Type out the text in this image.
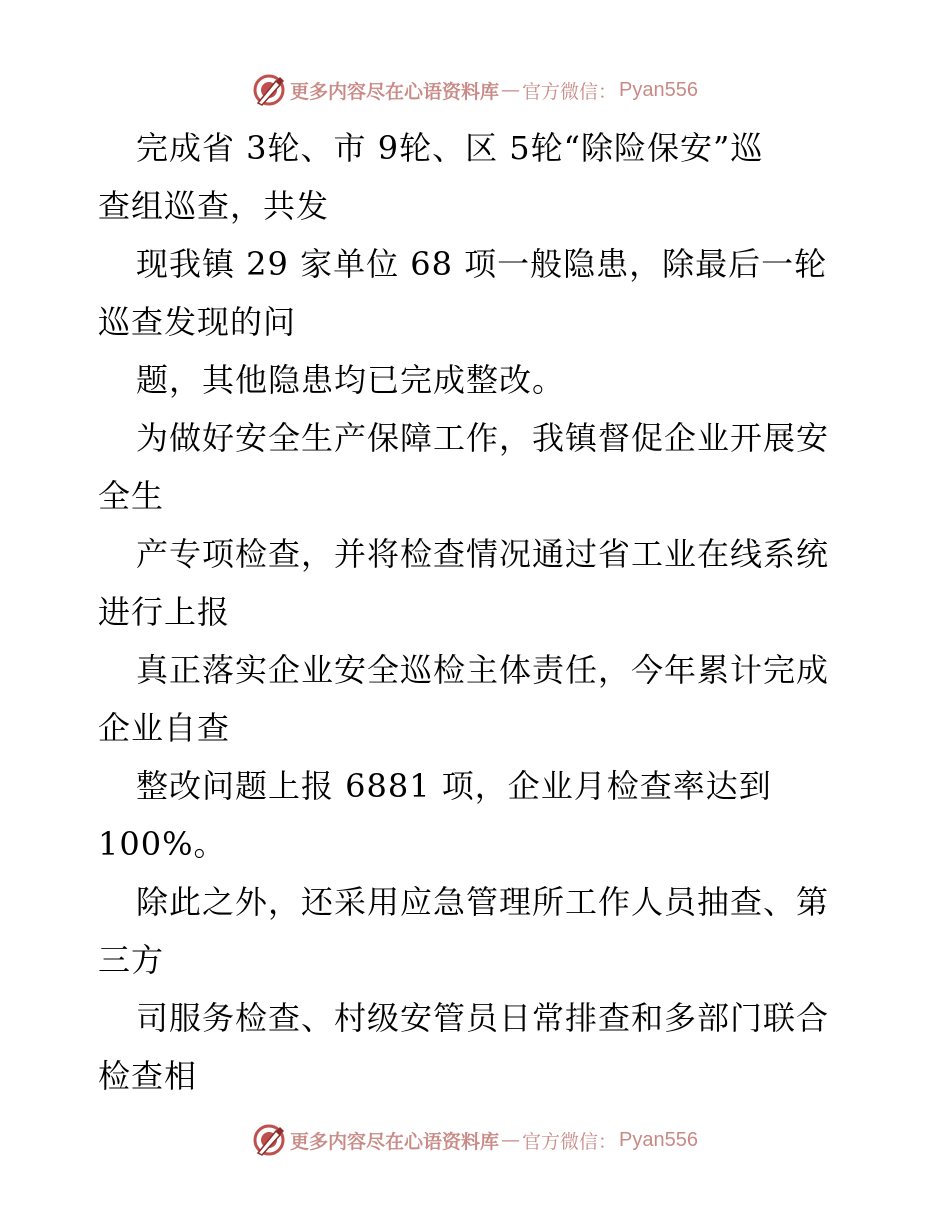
更多内容尽在心语资料库 — 官方微信： Pyan556
完成省 3轮、市 9轮、区 5轮“除险保安”巡
查组巡查，共发
现我镇 29 家单位 68 项一般隐患，除最后一轮
巡查发现的问
题，其他隐患均已完成整改。
为做好安全生产保障工作，我镇督促企业开展安
全生
产专项检查，并将检查情况通过省工业在线系统
进行上报
真正落实企业安全巡检主体责任，今年累计完成
企业自查
整改问题上报 6881 项，企业月检查率达到
100%。
除此之外，还采用应急管理所工作人员抽查、第
三方
司服务检查、村级安管员日常排查和多部门联合
检查相
更多内容尽在心语资料库 — 官方微信： Pyan556
